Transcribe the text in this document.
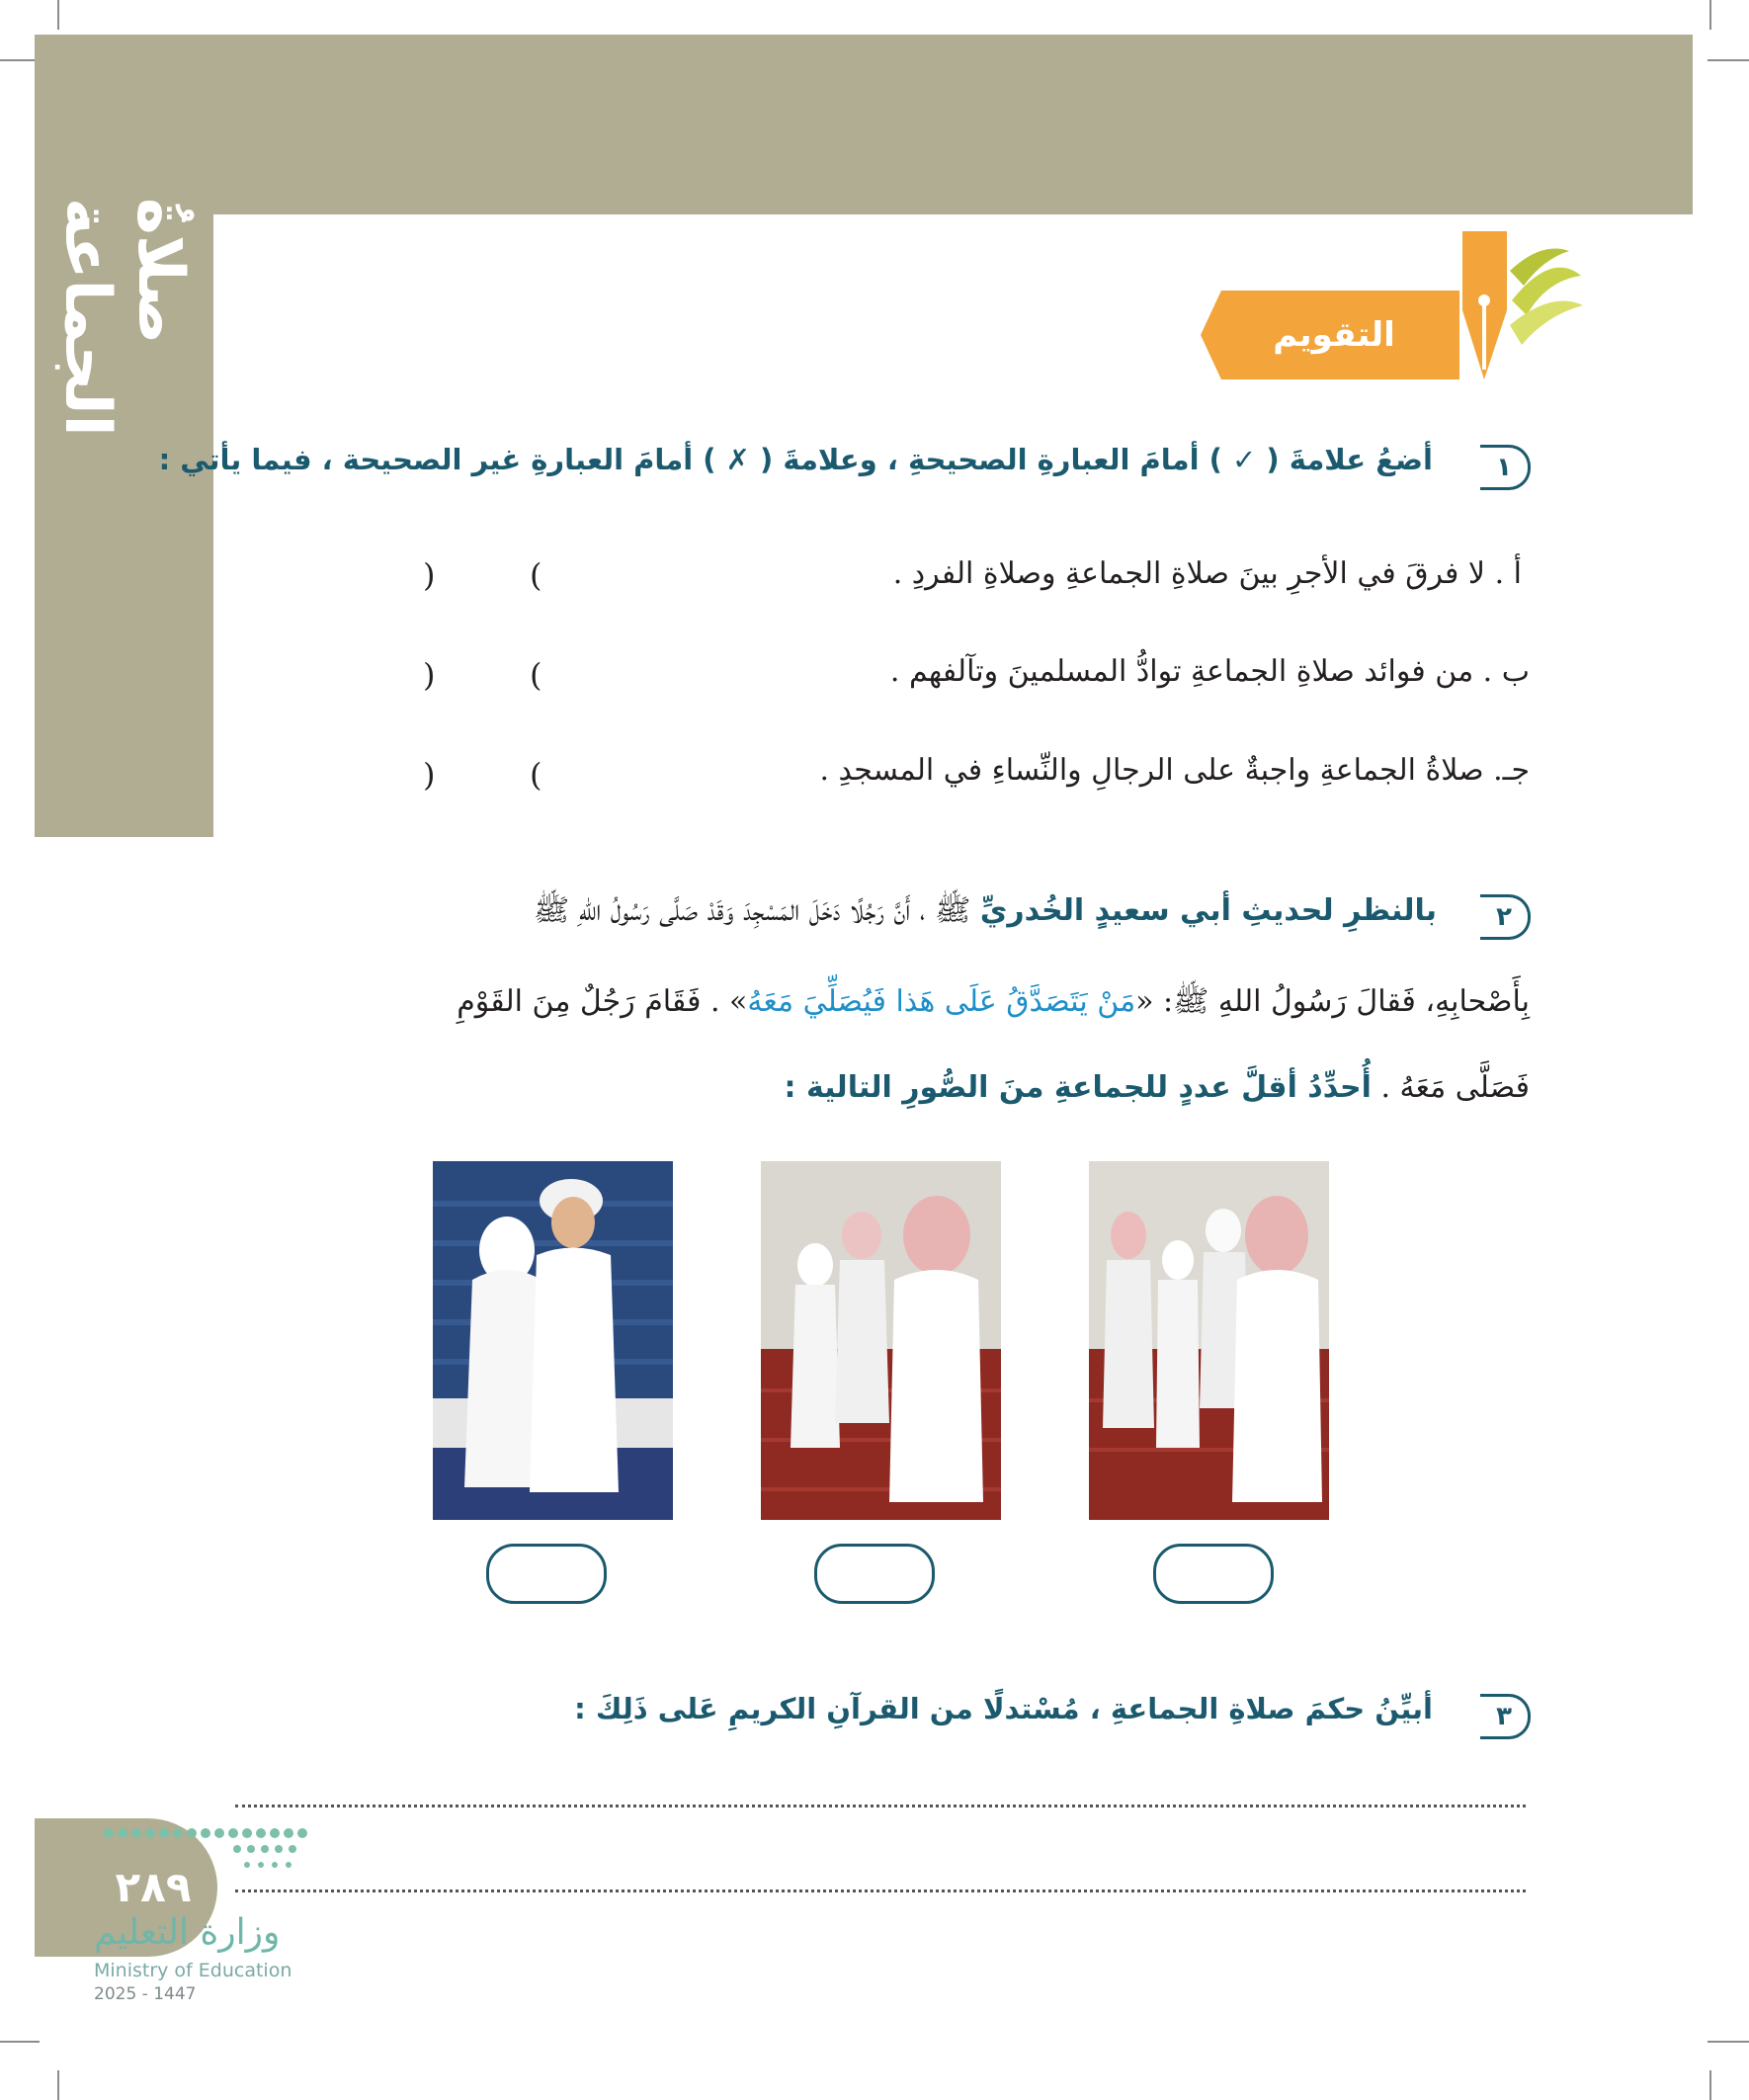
صلاةُ الجماعة	التقويم
١
أضعُ علامةَ ( ✓ ) أمامَ العبارةِ الصحيحةِ ، وعلامةَ ( ✗ ) أمامَ العبارةِ غير الصحيحة ، فيما يأتي :
أ . لا فرقَ في الأجرِ بينَ صلاةِ الجماعةِ وصلاةِ الفردِ .
)	(
ب . من فوائد صلاةِ الجماعةِ توادُّ المسلمينَ وتآلفهم .
)	(
جـ. صلاةُ الجماعةِ واجبةٌ على الرجالِ والنِّساءِ في المسجدِ .
)	(
٢
بالنظرِ لحديثِ أبي سعيدٍ الخُدريِّ ﷺ ، أَنَّ رَجُلًا دَخَلَ المَسْجِدَ وَقَدْ صَلَّى رَسُولُ اللهِ ﷺ
بِأَصْحابِهِ، فَقالَ رَسُولُ اللهِ ﷺ: «مَنْ يَتَصَدَّقُ عَلَى هَذا فَيُصَلِّيَ مَعَهُ» . فَقَامَ رَجُلٌ مِنَ القَوْمِ
فَصَلَّى مَعَهُ . أُحدِّدُ أقلَّ عددٍ للجماعةِ منَ الصُّورِ التالية :
٣
أبيِّنُ حكمَ صلاةِ الجماعةِ ، مُسْتدلًا من القرآنِ الكريمِ عَلى ذَلِكَ :
٢٨٩
وزارة التعليم
Ministry of Education
2025 - 1447
